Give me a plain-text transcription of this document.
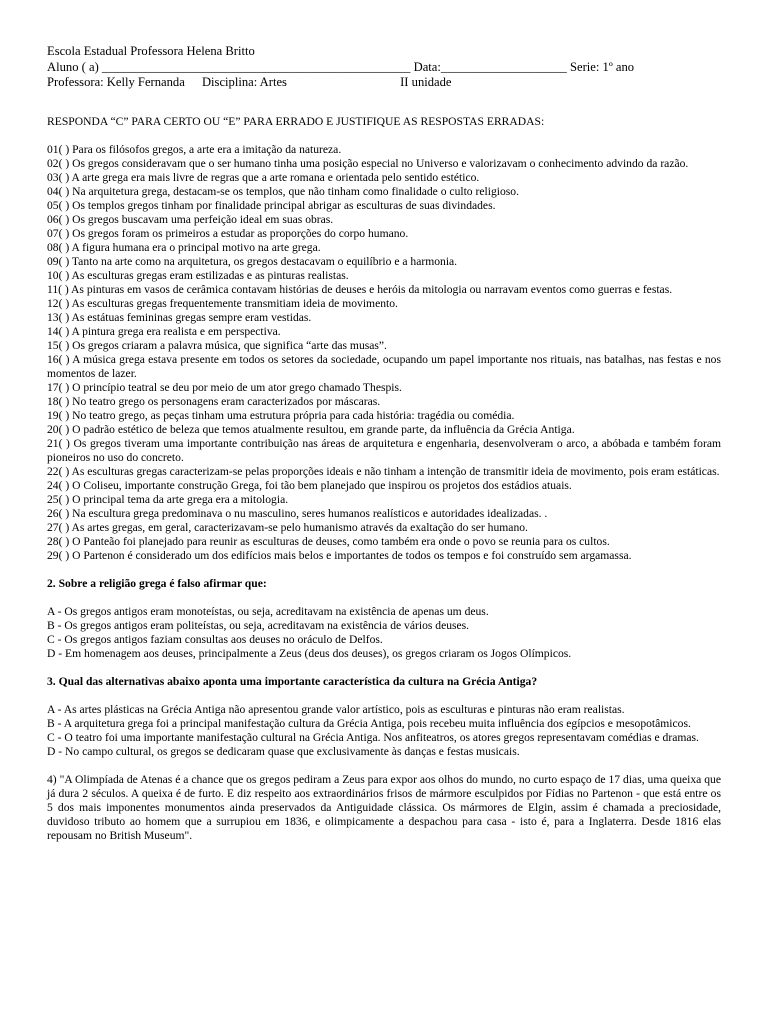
Escola Estadual Professora Helena Britto
Aluno ( a) _________________________________________________ Data:____________________ Serie: 1º ano
Professora: Kelly Fernanda Disciplina: Artes	II unidade
RESPONDA “C” PARA CERTO OU “E” PARA ERRADO E JUSTIFIQUE AS RESPOSTAS ERRADAS:
01( ) Para os filósofos gregos, a arte era a imitação da natureza.
02( ) Os gregos consideravam que o ser humano tinha uma posição especial no Universo e valorizavam o conhecimento advindo da razão.
03( ) A arte grega era mais livre de regras que a arte romana e orientada pelo sentido estético.
04( ) Na arquitetura grega, destacam-se os templos, que não tinham como finalidade o culto religioso.
05( ) Os templos gregos tinham por finalidade principal abrigar as esculturas de suas divindades.
06( ) Os gregos buscavam uma perfeição ideal em suas obras.
07( ) Os gregos foram os primeiros a estudar as proporções do corpo humano.
08( ) A figura humana era o principal motivo na arte grega.
09( ) Tanto na arte como na arquitetura, os gregos destacavam o equilíbrio e a harmonia.
10( ) As esculturas gregas eram estilizadas e as pinturas realistas.
11( ) As pinturas em vasos de cerâmica contavam histórias de deuses e heróis da mitologia ou narravam eventos como guerras e festas.
12( ) As esculturas gregas frequentemente transmitiam ideia de movimento.
13( ) As estátuas femininas gregas sempre eram vestidas.
14( ) A pintura grega era realista e em perspectiva.
15( ) Os gregos criaram a palavra música, que significa “arte das musas”.
16( ) A música grega estava presente em todos os setores da sociedade, ocupando um papel importante nos rituais, nas batalhas, nas festas e nos momentos de lazer.
17( ) O princípio teatral se deu por meio de um ator grego chamado Thespis.
18( ) No teatro grego os personagens eram caracterizados por máscaras.
19( ) No teatro grego, as peças tinham uma estrutura própria para cada história: tragédia ou comédia.
20( ) O padrão estético de beleza que temos atualmente resultou, em grande parte, da influência da Grécia Antiga.
21( ) Os gregos tiveram uma importante contribuição nas áreas de arquitetura e engenharia, desenvolveram o arco, a abóbada e também foram pioneiros no uso do concreto.
22( ) As esculturas gregas caracterizam-se pelas proporções ideais e não tinham a intenção de transmitir ideia de movimento, pois eram estáticas.
24( ) O Coliseu, importante construção Grega, foi tão bem planejado que inspirou os projetos dos estádios atuais.
25( ) O principal tema da arte grega era a mitologia.
26( ) Na escultura grega predominava o nu masculino, seres humanos realísticos e autoridades idealizadas. .
27( ) As artes gregas, em geral, caracterizavam-se pelo humanismo através da exaltação do ser humano.
28( ) O Panteão foi planejado para reunir as esculturas de deuses, como também era onde o povo se reunia para os cultos.
29( ) O Partenon é considerado um dos edifícios mais belos e importantes de todos os tempos e foi construído sem argamassa.
2. Sobre a religião grega é falso afirmar que:
A - Os gregos antigos eram monoteístas, ou seja, acreditavam na existência de apenas um deus.
B - Os gregos antigos eram politeístas, ou seja, acreditavam na existência de vários deuses.
C - Os gregos antigos faziam consultas aos deuses no oráculo de Delfos.
D - Em homenagem aos deuses, principalmente a Zeus (deus dos deuses), os gregos criaram os Jogos Olímpicos.
3. Qual das alternativas abaixo aponta uma importante característica da cultura na Grécia Antiga?
A - As artes plásticas na Grécia Antiga não apresentou grande valor artístico, pois as esculturas e pinturas não eram realistas.
B - A arquitetura grega foi a principal manifestação cultura da Grécia Antiga, pois recebeu muita influência dos egípcios e mesopotâmicos.
C - O teatro foi uma importante manifestação cultural na Grécia Antiga. Nos anfiteatros, os atores gregos representavam comédias e dramas.
D - No campo cultural, os gregos se dedicaram quase que exclusivamente às danças e festas musicais.
4) "A Olimpíada de Atenas é a chance que os gregos pediram a Zeus para expor aos olhos do mundo, no curto espaço de 17 dias, uma queixa que já dura 2 séculos. A queixa é de furto. E diz respeito aos extraordinários frisos de mármore esculpidos por Fídias no Partenon - que está entre os 5 dos mais imponentes monumentos ainda preservados da Antiguidade clássica. Os mármores de Elgin, assim é chamada a preciosidade, duvidoso tributo ao homem que a surrupiou em 1836, e olimpicamente a despachou para casa - isto é, para a Inglaterra. Desde 1816 elas repousam no British Museum".
